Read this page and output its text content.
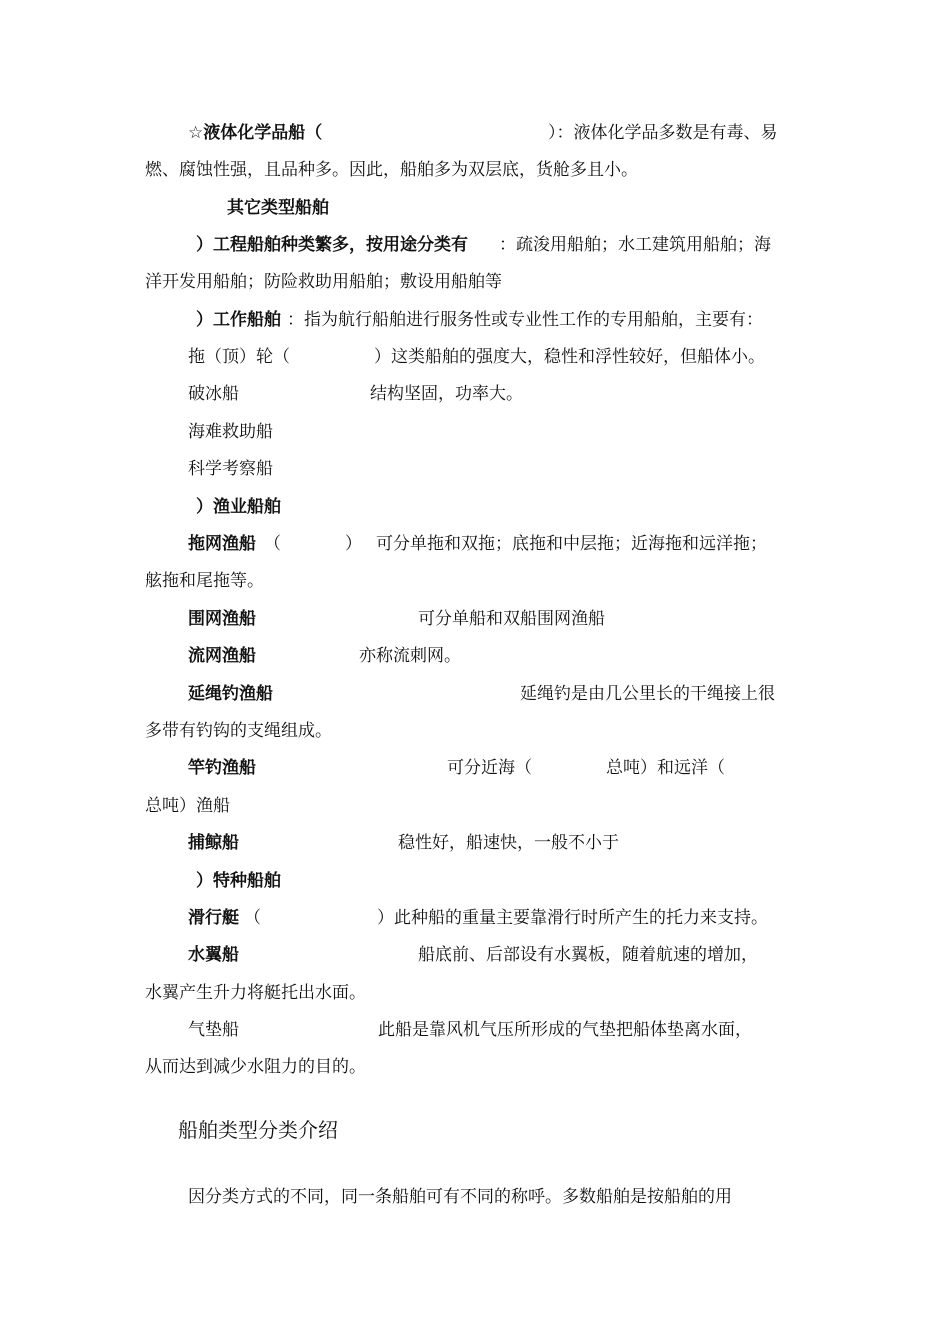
☆液体化学品船（	）：液体化学品多数是有毒、易
燃、腐蚀性强，且品种多。因此，船舶多为双层底，货舱多且小。
其它类型船舶
）工程船舶种类繁多，按用途分类有 ：疏浚用船舶；水工建筑用船舶；海
洋开发用船舶；防险救助用船舶；敷设用船舶等
）工作船舶 ：指为航行船舶进行服务性或专业性工作的专用船舶，主要有：
拖（顶）轮（	）这类船舶的强度大，稳性和浮性较好，但船体小。
破冰船	结构坚固，功率大。
海难救助船
科学考察船
）渔业船舶
拖网渔船 （	） 可分单拖和双拖；底拖和中层拖；近海拖和远洋拖；
舷拖和尾拖等。
围网渔船	可分单船和双船围网渔船
流网渔船	亦称流刺网。
延绳钓渔船	延绳钓是由几公里长的干绳接上很
多带有钓钩的支绳组成。
竿钓渔船	可分近海（	总吨）和远洋（
总吨）渔船
捕鲸船	稳性好，船速快，一般不小于
）特种船舶
滑行艇 （	）此种船的重量主要靠滑行时所产生的托力来支持。
水翼船	船底前、后部设有水翼板，随着航速的增加，
水翼产生升力将艇托出水面。
气垫船	此船是靠风机气压所形成的气垫把船体垫离水面，
从而达到减少水阻力的目的。
船舶类型分类介绍
因分类方式的不同，同一条船舶可有不同的称呼。多数船舶是按船舶的用
